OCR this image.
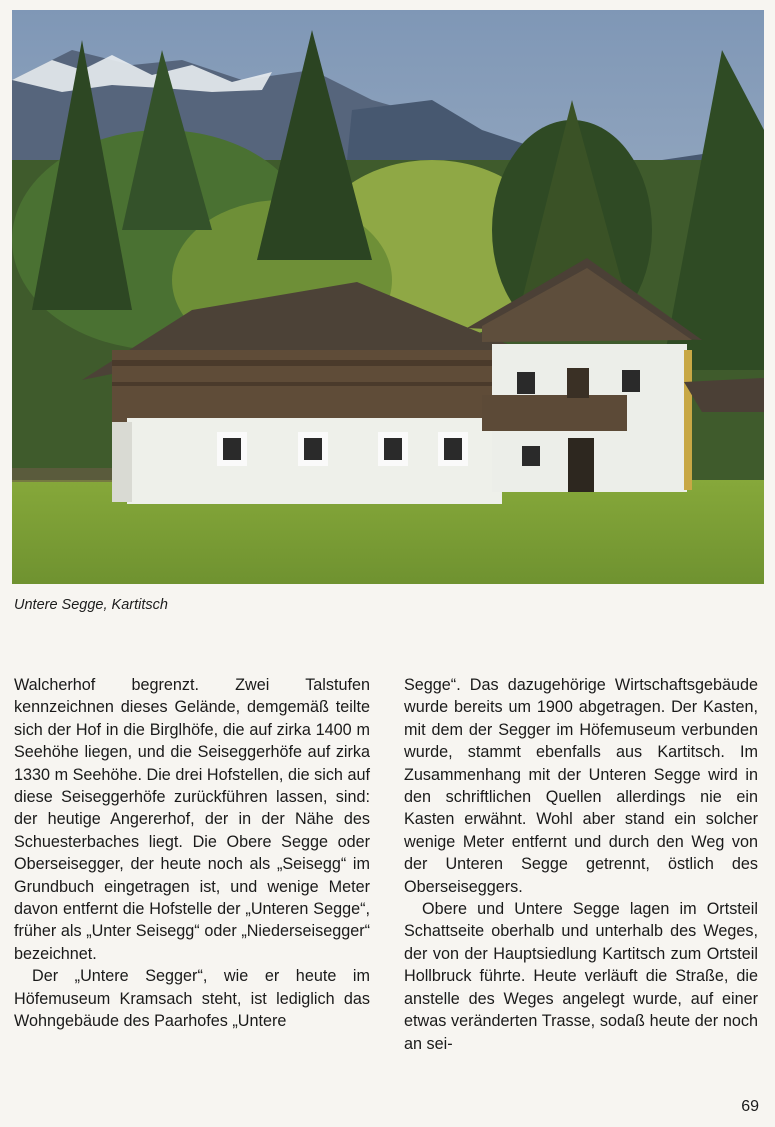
Untere Segge, Kartitsch

Walcherhof begrenzt. Zwei Talstufen kennzeichnen dieses Gelände, demgemäß teilte sich der Hof in die Birglhöfe, die auf zirka 1400 m Seehöhe liegen, und die Seiseggerhöfe auf zirka 1330 m Seehöhe. Die drei Hofstellen, die sich auf diese Seiseggerhöfe zurückführen lassen, sind: der heutige Angererhof, der in der Nähe des Schuesterbaches liegt. Die Obere Segge oder Oberseisegger, der heute noch als „Seisegg“ im Grundbuch eingetragen ist, und wenige Meter davon entfernt die Hofstelle der „Unteren Segge“, früher als „Unter Seisegg“ oder „Niederseisegger“ bezeichnet.

Der „Untere Segger“, wie er heute im Höfemuseum Kramsach steht, ist lediglich das Wohngebäude des Paarhofes „Untere

Segge“. Das dazugehörige Wirtschaftsgebäude wurde bereits um 1900 abgetragen. Der Kasten, mit dem der Segger im Höfemuseum verbunden wurde, stammt ebenfalls aus Kartitsch. Im Zusammenhang mit der Unteren Segge wird in den schriftlichen Quellen allerdings nie ein Kasten erwähnt. Wohl aber stand ein solcher wenige Meter entfernt und durch den Weg von der Unteren Segge getrennt, östlich des Oberseiseggers.

Obere und Untere Segge lagen im Ortsteil Schattseite oberhalb und unterhalb des Weges, der von der Hauptsiedlung Kartitsch zum Ortsteil Hollbruck führte. Heute verläuft die Straße, die anstelle des Weges angelegt wurde, auf einer etwas veränderten Trasse, sodaß heute der noch an sei-

69
